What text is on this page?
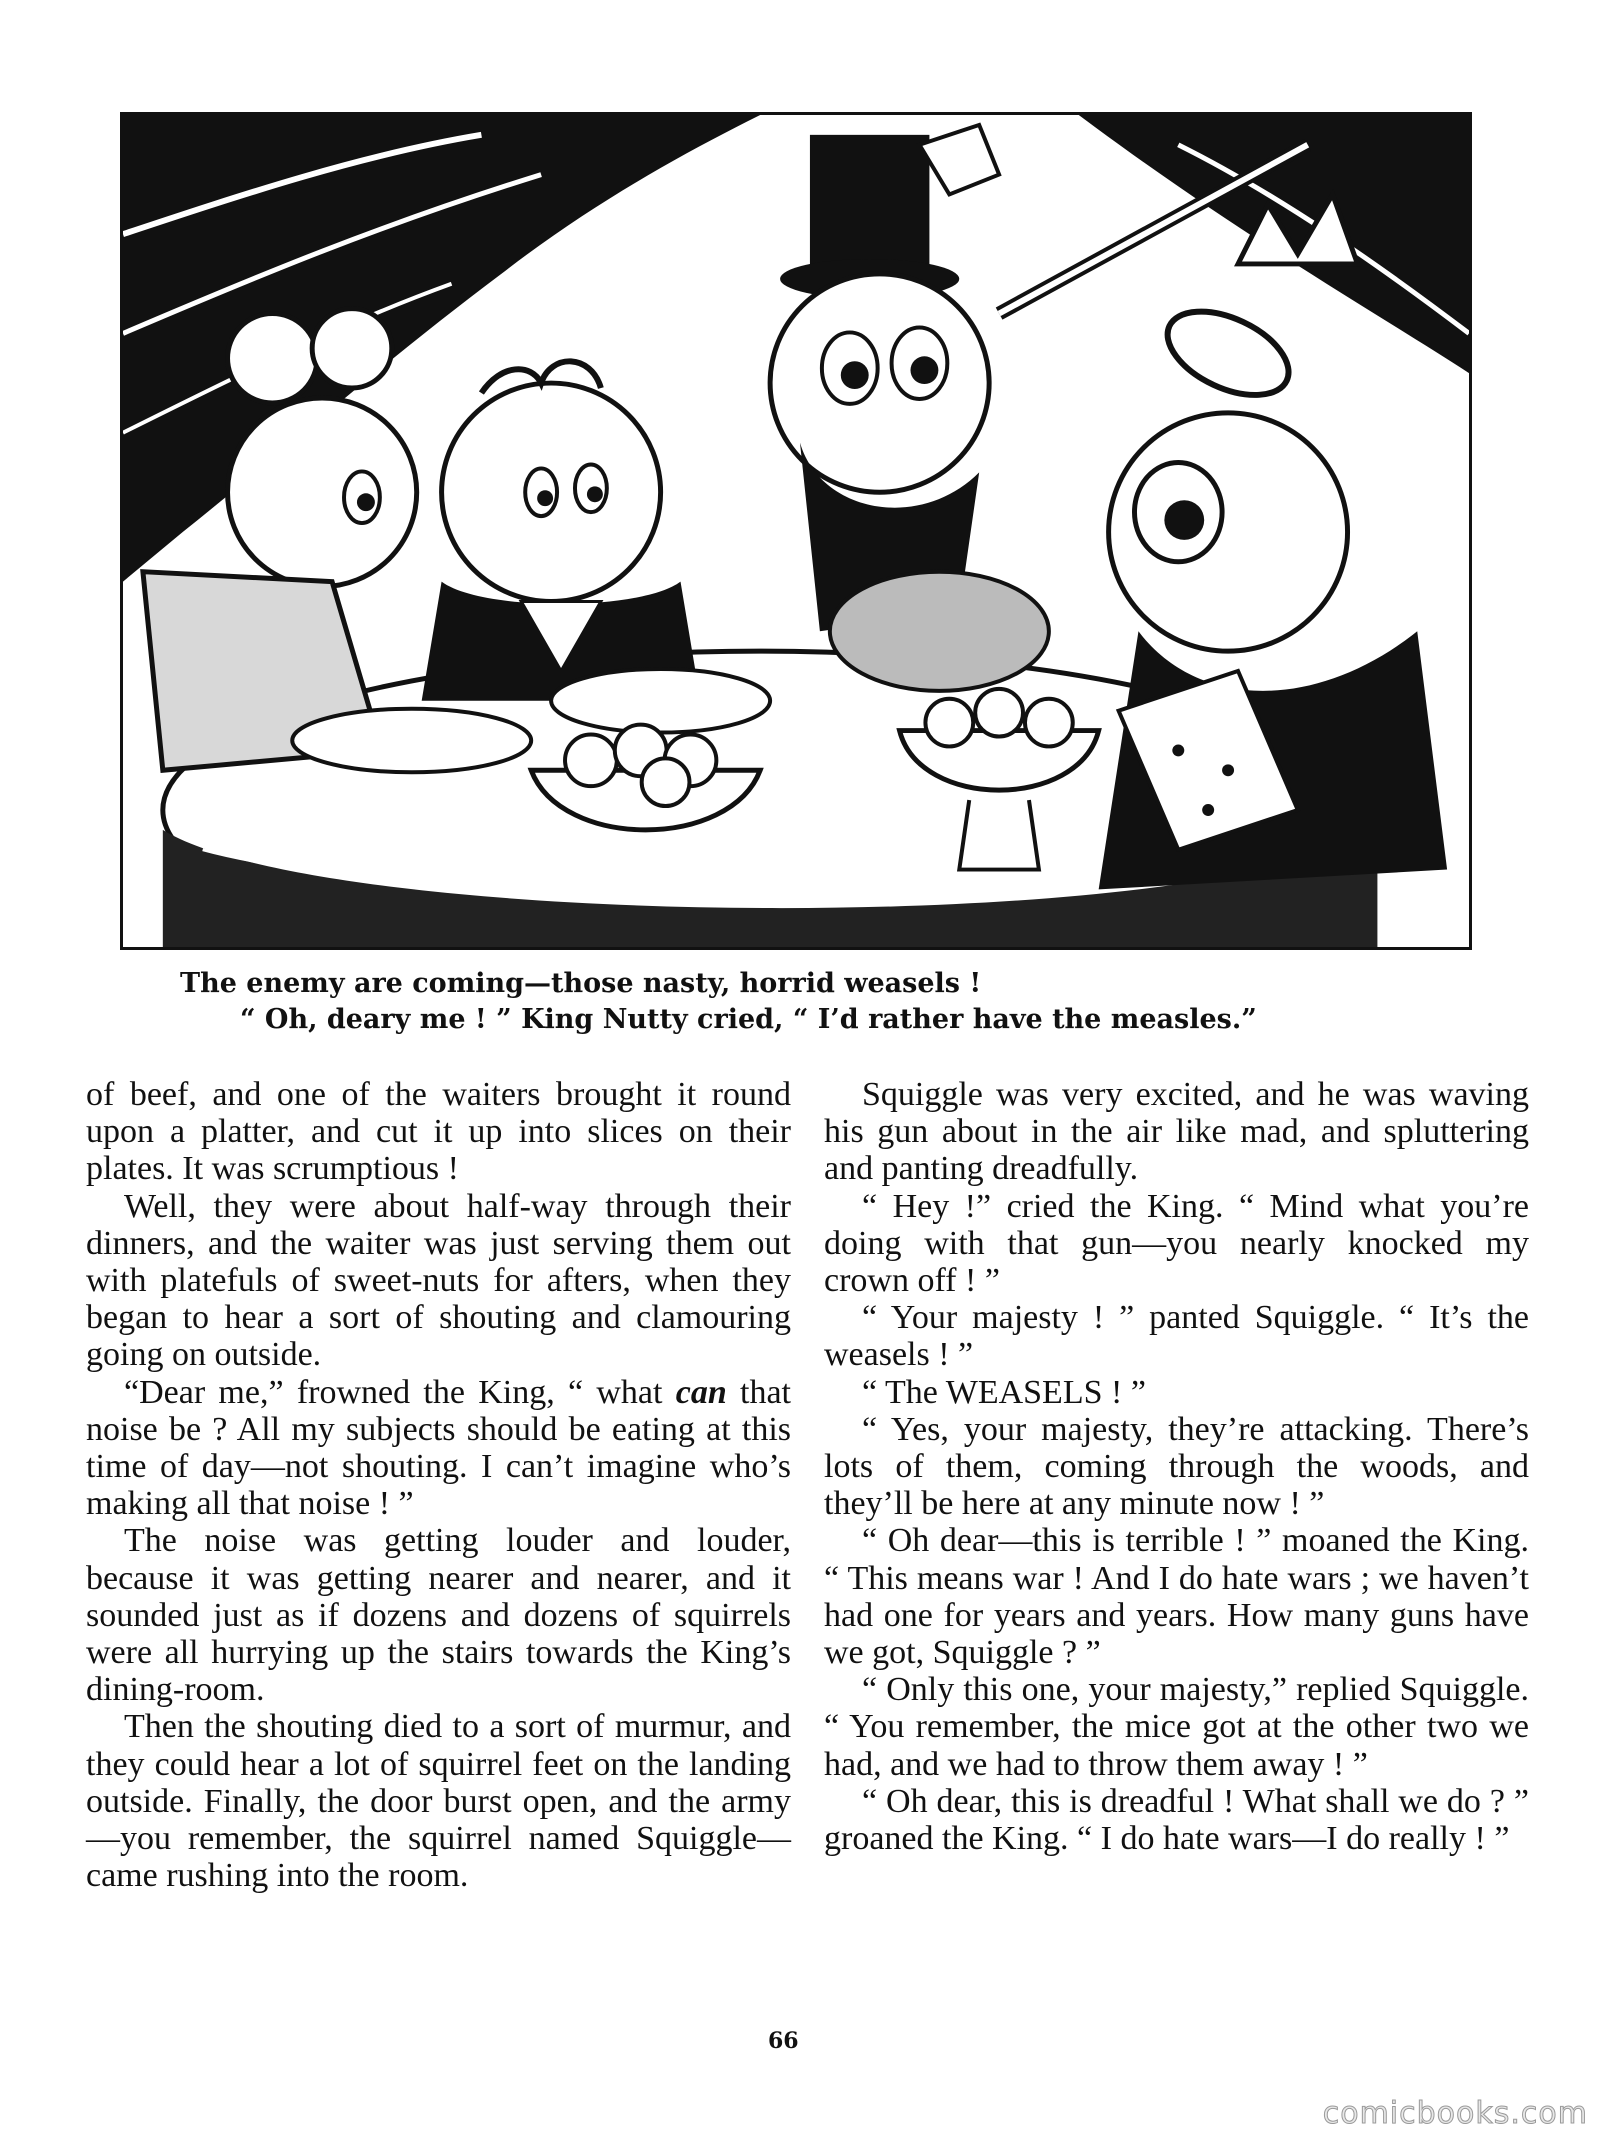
The enemy are coming—those nasty, horrid weasels !

“ Oh, deary me ! ” King Nutty cried, “ I’d rather have the measles.”

of beef, and one of the waiters brought it round upon a platter, and cut it up into slices on their plates. It was scrumptious !

Well, they were about half-way through their dinners, and the waiter was just serving them out with platefuls of sweet-nuts for afters, when they began to hear a sort of shouting and clamouring going on outside.

“Dear me,” frowned the King, “ what can that noise be ? All my subjects should be eating at this time of day—not shouting. I can’t imagine who’s making all that noise ! ”

The noise was getting louder and louder, because it was getting nearer and nearer, and it sounded just as if dozens and dozens of squirrels were all hurrying up the stairs towards the King’s dining-room.

Then the shouting died to a sort of murmur, and they could hear a lot of squirrel feet on the landing outside. Finally, the door burst open, and the army—you remember, the squirrel named Squiggle—came rushing into the room.

Squiggle was very excited, and he was waving his gun about in the air like mad, and spluttering and panting dreadfully.

“ Hey !” cried the King. “ Mind what you’re doing with that gun—you nearly knocked my crown off ! ”

“ Your majesty ! ” panted Squiggle. “ It’s the weasels ! ”

“ The WEASELS ! ”

“ Yes, your majesty, they’re attacking. There’s lots of them, coming through the woods, and they’ll be here at any minute now ! ”

“ Oh dear—this is terrible ! ” moaned the King. “ This means war ! And I do hate wars ; we haven’t had one for years and years. How many guns have we got, Squiggle ? ”

“ Only this one, your majesty,” replied Squiggle. “ You remember, the mice got at the other two we had, and we had to throw them away ! ”

“ Oh dear, this is dreadful ! What shall we do ? ” groaned the King. “ I do hate wars—I do really ! ”

66
comicbooks.com
